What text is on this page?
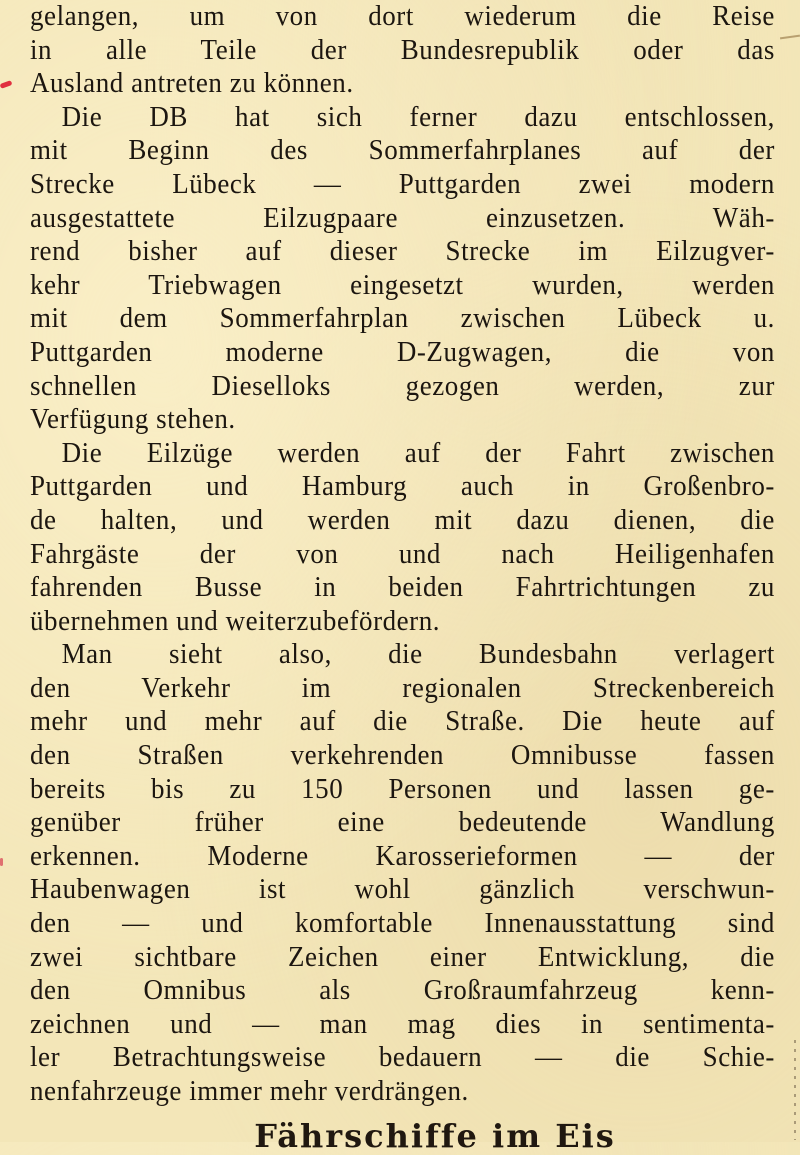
gelangen, um von dort wiederum die Reise
in alle Teile der Bundesrepublik oder das
Ausland antreten zu können.
Die DB hat sich ferner dazu entschlossen,
mit Beginn des Sommerfahrplanes auf der
Strecke Lübeck — Puttgarden zwei modern
ausgestattete Eilzugpaare einzusetzen. Wäh-
rend bisher auf dieser Strecke im Eilzugver-
kehr Triebwagen eingesetzt wurden, werden
mit dem Sommerfahrplan zwischen Lübeck u.
Puttgarden moderne D-Zugwagen, die von
schnellen Dieselloks gezogen werden, zur
Verfügung stehen.
Die Eilzüge werden auf der Fahrt zwischen
Puttgarden und Hamburg auch in Großenbro-
de halten, und werden mit dazu dienen, die
Fahrgäste der von und nach Heiligenhafen
fahrenden Busse in beiden Fahrtrichtungen zu
übernehmen und weiterzubefördern.
Man sieht also, die Bundesbahn verlagert
den Verkehr im regionalen Streckenbereich
mehr und mehr auf die Straße. Die heute auf
den Straßen verkehrenden Omnibusse fassen
bereits bis zu 150 Personen und lassen ge-
genüber früher eine bedeutende Wandlung
erkennen. Moderne Karosserieformen — der
Haubenwagen ist wohl gänzlich verschwun-
den — und komfortable Innenausstattung sind
zwei sichtbare Zeichen einer Entwicklung, die
den Omnibus als Großraumfahrzeug kenn-
zeichnen und — man mag dies in sentimenta-
ler Betrachtungsweise bedauern — die Schie-
nenfahrzeuge immer mehr verdrängen.
Fährschiffe im Eis
